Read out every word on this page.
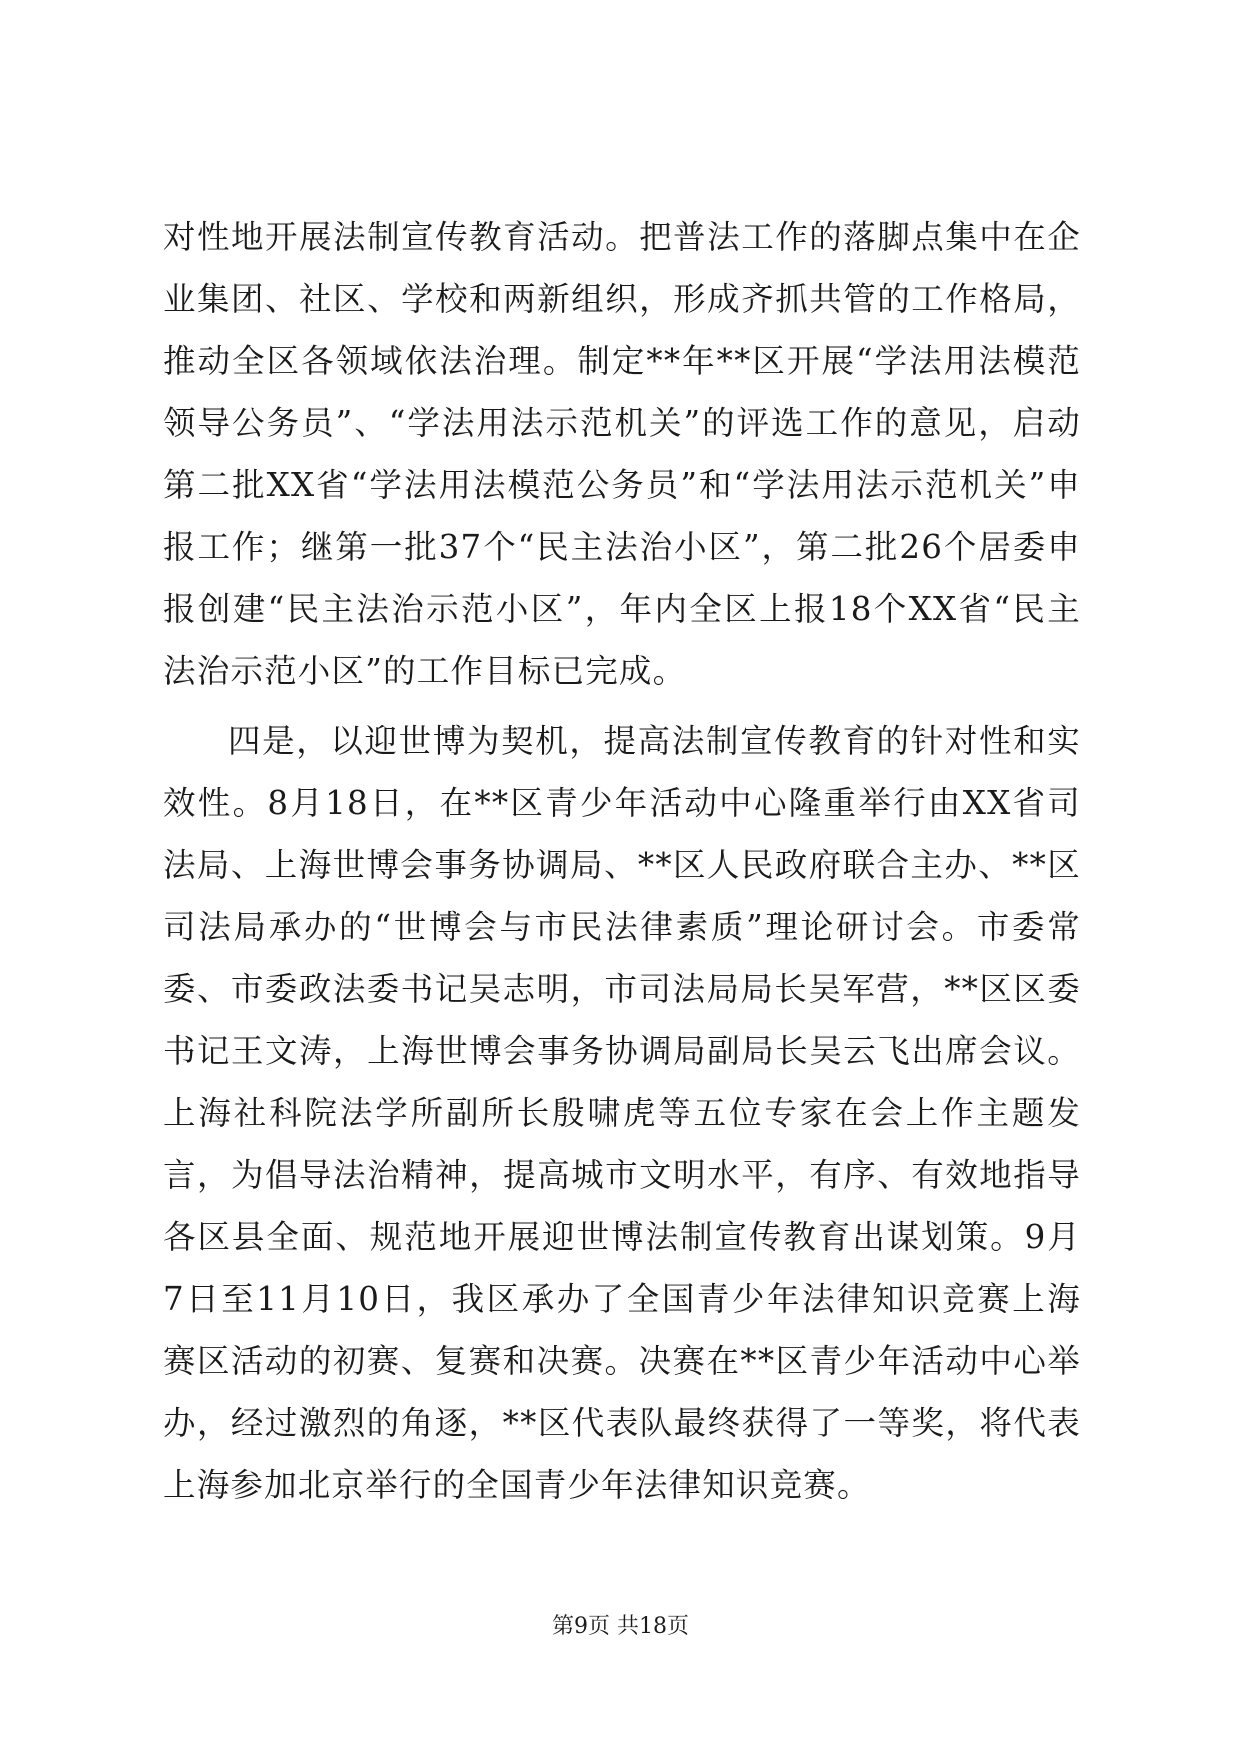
对性地开展法制宣传教育活动。把普法工作的落脚点集中在企业集团、社区、学校和两新组织，形成齐抓共管的工作格局，推动全区各领域依法治理。制定**年**区开展“学法用法模范领导公务员”、“学法用法示范机关”的评选工作的意见，启动第二批XX省“学法用法模范公务员”和“学法用法示范机关”申报工作；继第一批37个“民主法治小区”，第二批26个居委申报创建“民主法治示范小区”，年内全区上报18个XX省“民主法治示范小区”的工作目标已完成。

四是，以迎世博为契机，提高法制宣传教育的针对性和实效性。8月18日，在**区青少年活动中心隆重举行由XX省司法局、上海世博会事务协调局、**区人民政府联合主办、**区司法局承办的“世博会与市民法律素质”理论研讨会。市委常委、市委政法委书记吴志明，市司法局局长吴军营，**区区委书记王文涛，上海世博会事务协调局副局长吴云飞出席会议。上海社科院法学所副所长殷啸虎等五位专家在会上作主题发言，为倡导法治精神，提高城市文明水平，有序、有效地指导各区县全面、规范地开展迎世博法制宣传教育出谋划策。9月7日至11月10日，我区承办了全国青少年法律知识竞赛上海赛区活动的初赛、复赛和决赛。决赛在**区青少年活动中心举办，经过激烈的角逐，**区代表队最终获得了一等奖，将代表上海参加北京举行的全国青少年法律知识竞赛。

第9页 共18页
